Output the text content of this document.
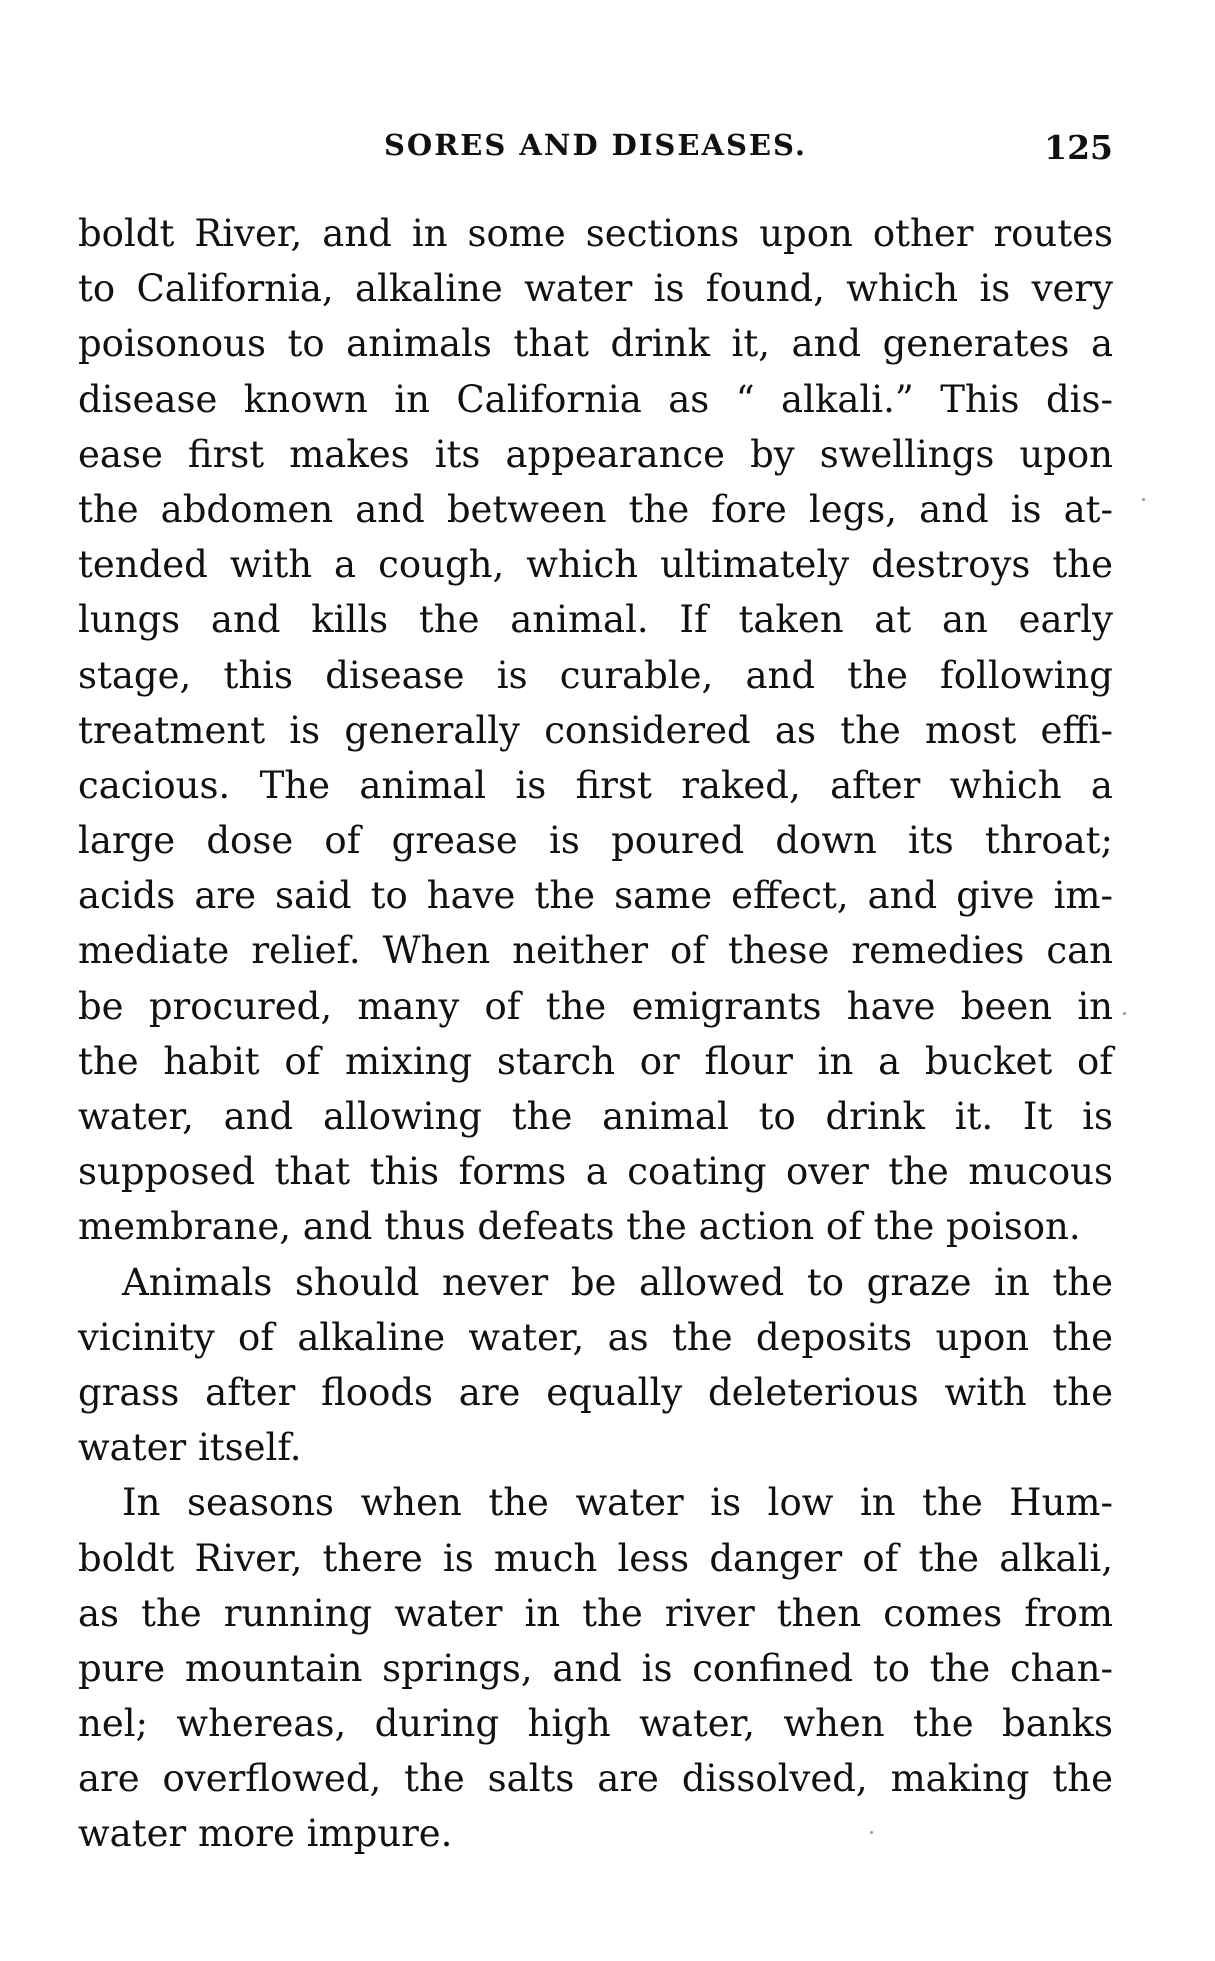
SORES AND DISEASES.	125
boldt River, and in some sections upon other routes
to California, alkaline water is found, which is very
poisonous to animals that drink it, and generates a
disease known in California as “ alkali.” This dis-
ease first makes its appearance by swellings upon
the abdomen and between the fore legs, and is at-
tended with a cough, which ultimately destroys the
lungs and kills the animal. If taken at an early
stage, this disease is curable, and the following
treatment is generally considered as the most effi-
cacious. The animal is first raked, after which a
large dose of grease is poured down its throat;
acids are said to have the same effect, and give im-
mediate relief. When neither of these remedies can
be procured, many of the emigrants have been in
the habit of mixing starch or flour in a bucket of
water, and allowing the animal to drink it. It is
supposed that this forms a coating over the mucous
membrane, and thus defeats the action of the poison.
Animals should never be allowed to graze in the
vicinity of alkaline water, as the deposits upon the
grass after floods are equally deleterious with the
water itself.
In seasons when the water is low in the Hum-
boldt River, there is much less danger of the alkali,
as the running water in the river then comes from
pure mountain springs, and is confined to the chan-
nel; whereas, during high water, when the banks
are overflowed, the salts are dissolved, making the
water more impure.
